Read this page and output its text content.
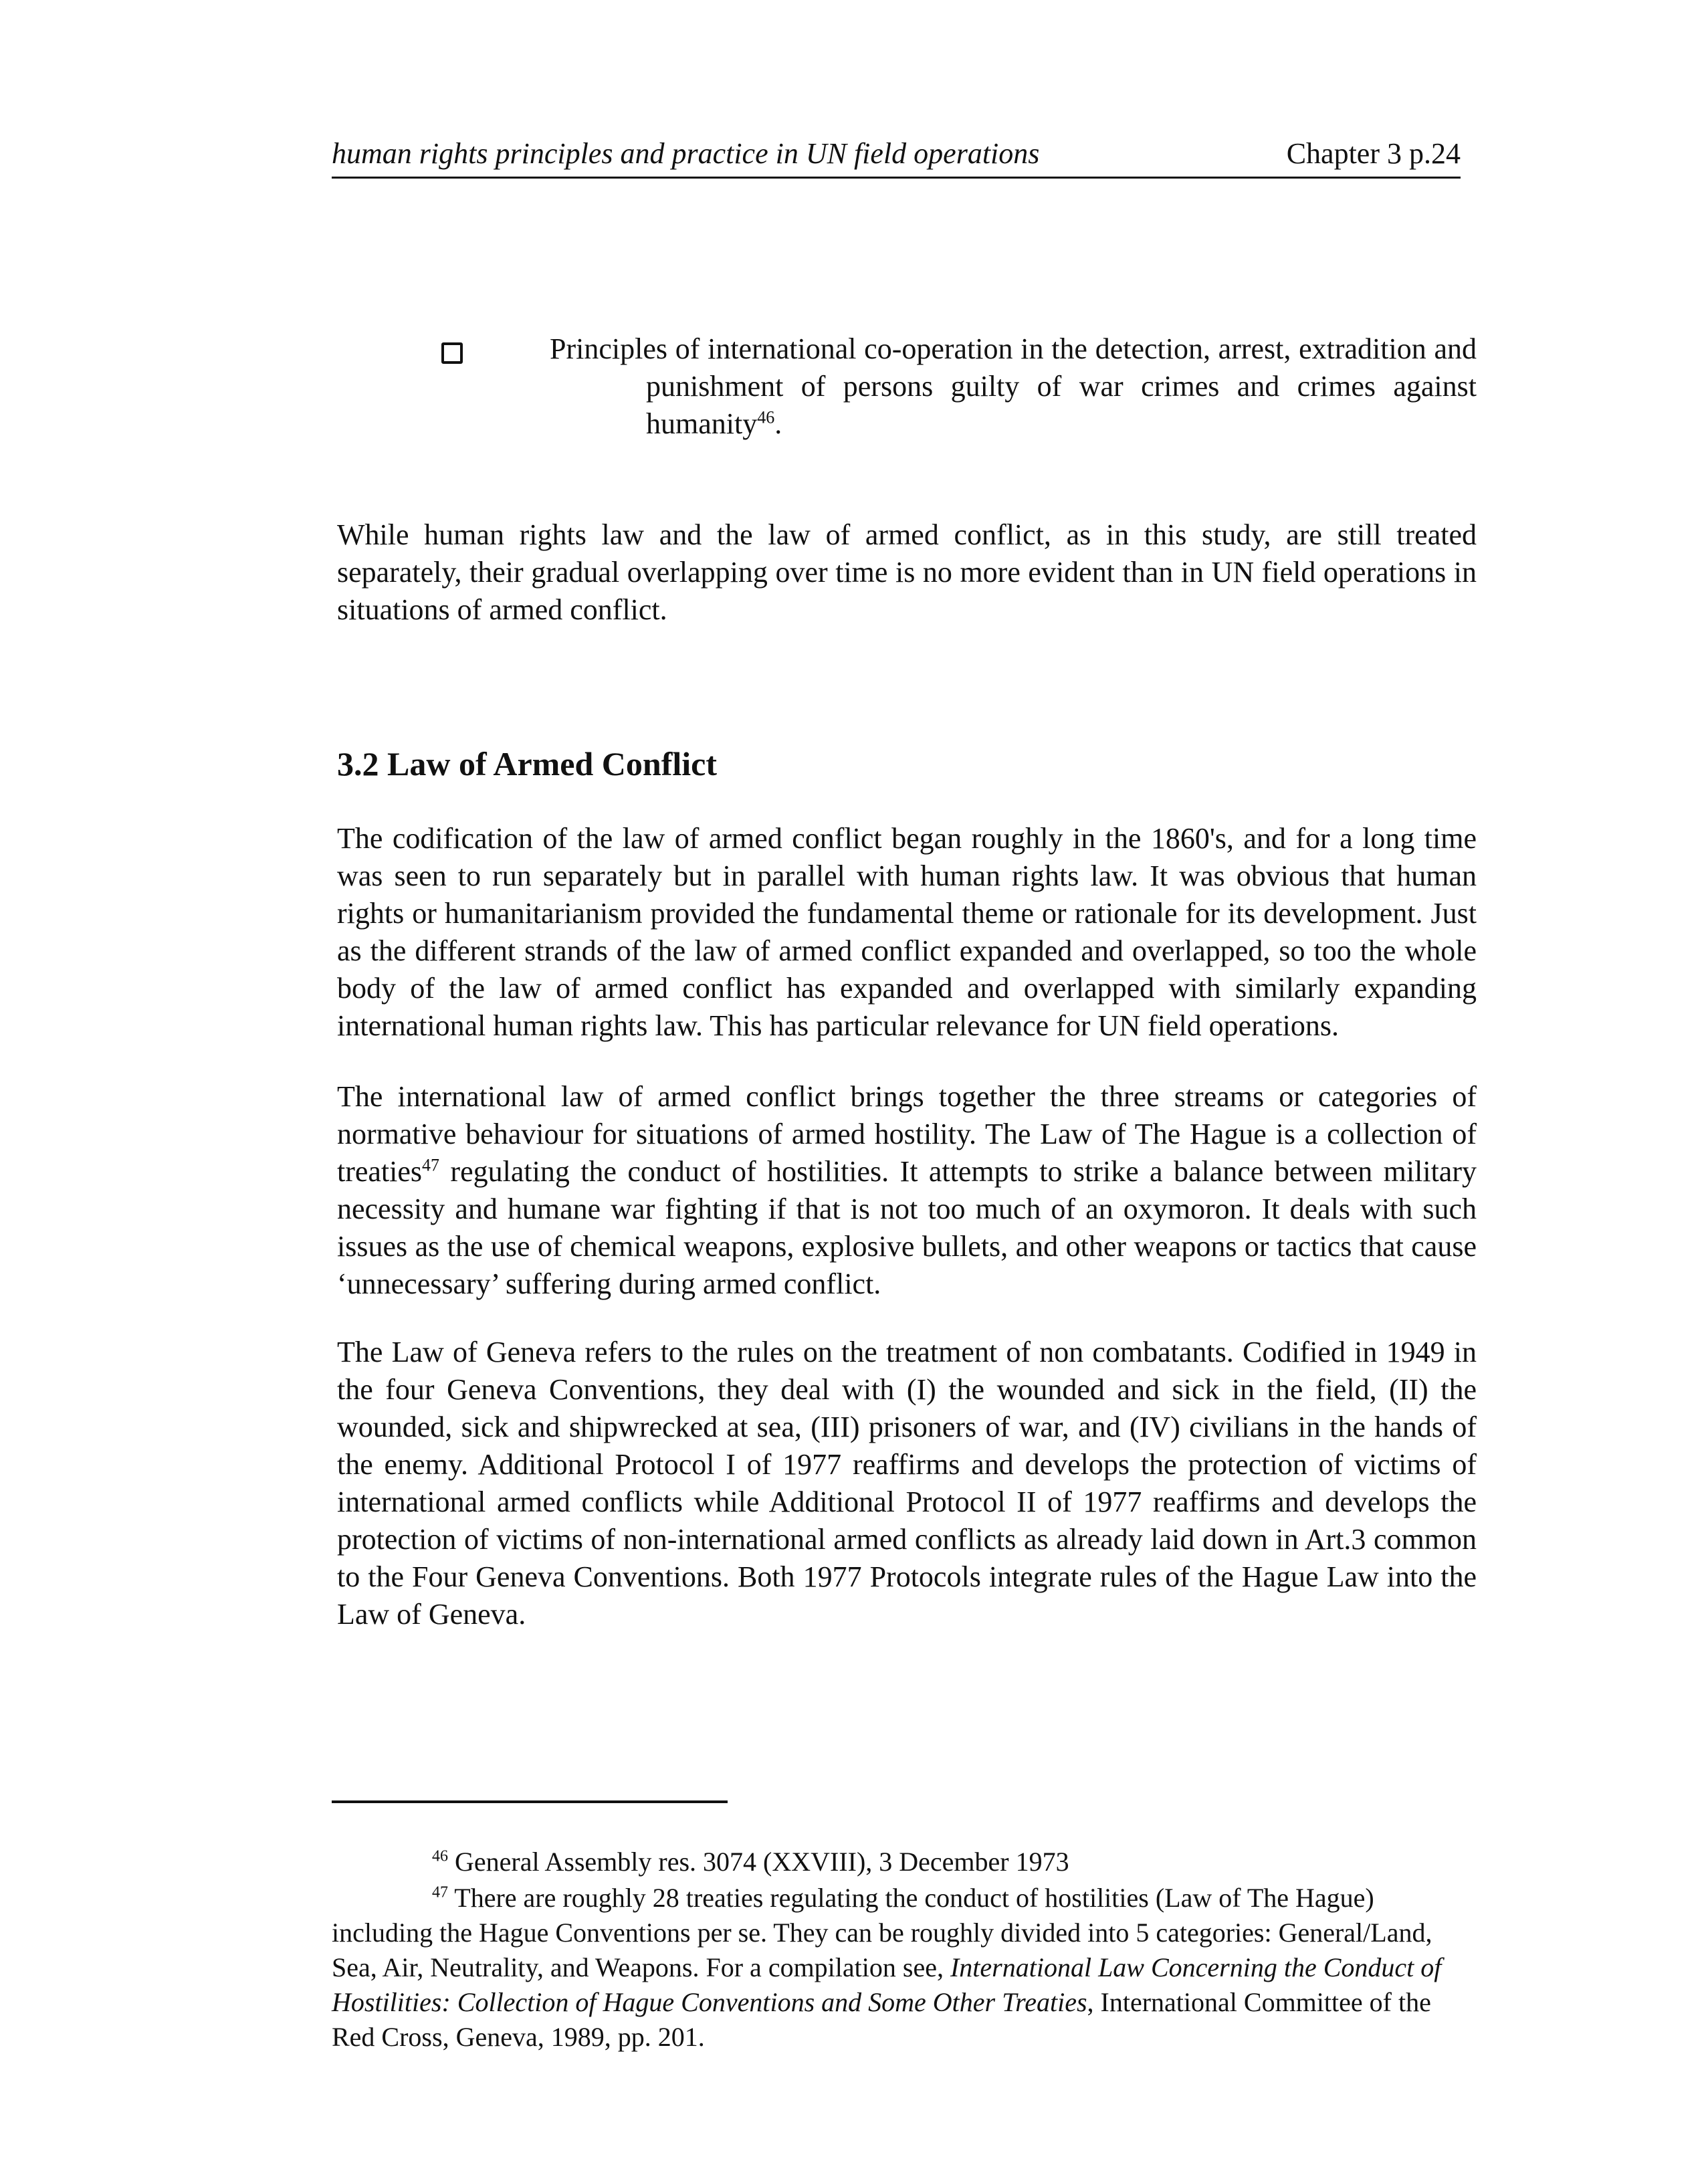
human rights principles and practice in UN field operations	Chapter 3 p.24
Principles of international co-operation in the detection, arrest, extradition and punishment of persons guilty of war crimes and crimes against humanity$^{46}$.
While human rights law and the law of armed conflict, as in this study, are still treated separately, their gradual overlapping over time is no more evident than in UN field operations in situations of armed conflict.
3.2 Law of Armed Conflict
The codification of the law of armed conflict began roughly in the 1860's, and for a long time was seen to run separately but in parallel with human rights law. It was obvious that human rights or humanitarianism provided the fundamental theme or rationale for its development. Just as the different strands of the law of armed conflict expanded and overlapped, so too the whole body of the law of armed conflict has expanded and overlapped with similarly expanding international human rights law. This has particular relevance for UN field operations.
The international law of armed conflict brings together the three streams or categories of normative behaviour for situations of armed hostility. The Law of The Hague is a collection of treaties$^{47}$ regulating the conduct of hostilities. It attempts to strike a balance between military necessity and humane war fighting if that is not too much of an oxymoron. It deals with such issues as the use of chemical weapons, explosive bullets, and other weapons or tactics that cause ‘unnecessary’ suffering during armed conflict.
The Law of Geneva refers to the rules on the treatment of non combatants. Codified in 1949 in the four Geneva Conventions, they deal with (I) the wounded and sick in the field, (II) the wounded, sick and shipwrecked at sea, (III) prisoners of war, and (IV) civilians in the hands of the enemy. Additional Protocol I of 1977 reaffirms and develops the protection of victims of international armed conflicts while Additional Protocol II of 1977 reaffirms and develops the protection of victims of non-international armed conflicts as already laid down in Art.3 common to the Four Geneva Conventions. Both 1977 Protocols integrate rules of the Hague Law into the Law of Geneva.
$^{46}$ General Assembly res. 3074 (XXVIII), 3 December 1973
$^{47}$ There are roughly 28 treaties regulating the conduct of hostilities (Law of The Hague) including the Hague Conventions per se. They can be roughly divided into 5 categories: General/Land, Sea, Air, Neutrality, and Weapons. For a compilation see, International Law Concerning the Conduct of Hostilities: Collection of Hague Conventions and Some Other Treaties, International Committee of the Red Cross, Geneva, 1989, pp. 201.
